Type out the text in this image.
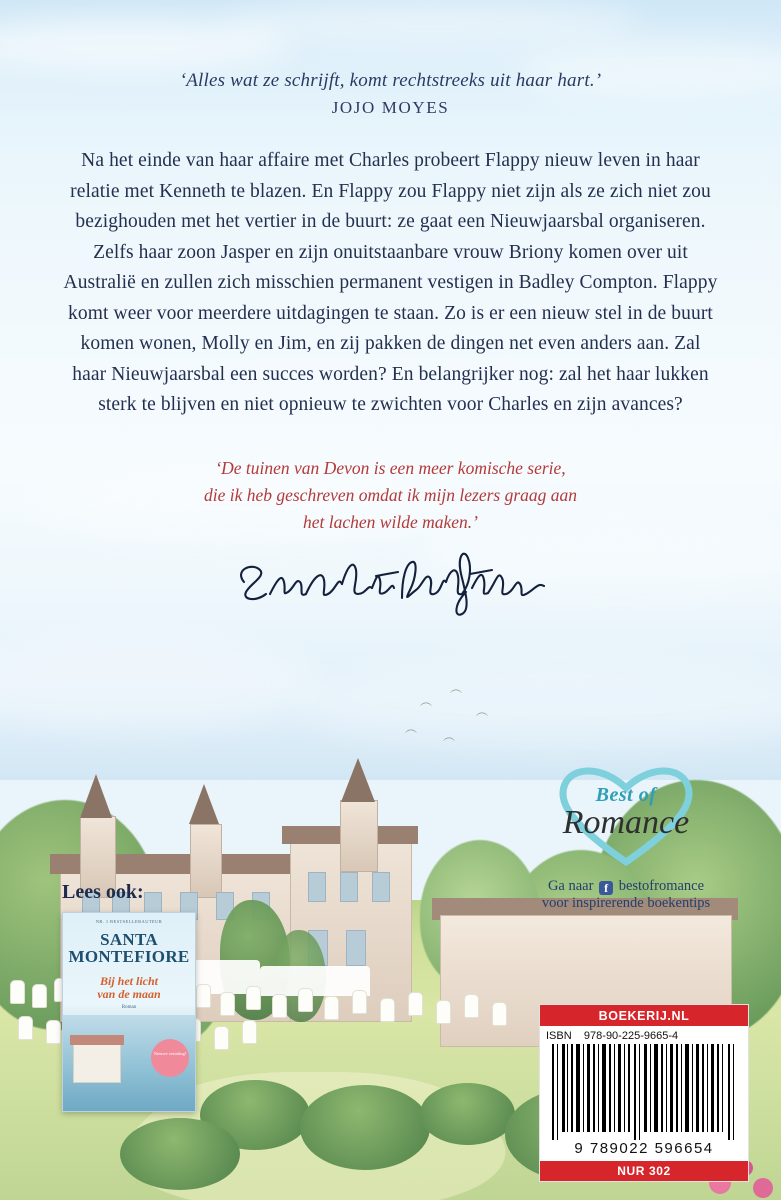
︵
︵
︵
︵
︵
‘Alles wat ze schrijft, komt rechtstreeks uit haar hart.’
JOJO MOYES
Na het einde van haar affaire met Charles probeert Flappy nieuw leven in haar relatie met Kenneth te blazen. En Flappy zou Flappy niet zijn als ze zich niet zou bezighouden met het vertier in de buurt: ze gaat een Nieuwjaarsbal organiseren. Zelfs haar zoon Jasper en zijn onuitstaanbare vrouw Briony komen over uit Australië en zullen zich misschien permanent vestigen in Badley Compton. Flappy komt weer voor meerdere uitdagingen te staan. Zo is er een nieuw stel in de buurt komen wonen, Molly en Jim, en zij pakken de dingen net even anders aan. Zal haar Nieuwjaarsbal een succes worden? En belangrijker nog: zal het haar lukken sterk te blijven en niet opnieuw te zwichten voor Charles en zijn avances?
‘De tuinen van Devon is een meer komische serie,
die ik heb geschreven omdat ik mijn lezers graag aan
het lachen wilde maken.’
Lees ook:
NR. 1 BESTSELLERAUTEUR
SANTA
MONTEFIORE
Bij het licht
van de maan
Roman
Nieuwe vertaling!
Best of
Romance
Ga naar f bestofromance
voor inspirerende boekentips
BOEKERIJ.NL
ISBN 978-90-225-9665-4
9 789022 596654
NUR 302
